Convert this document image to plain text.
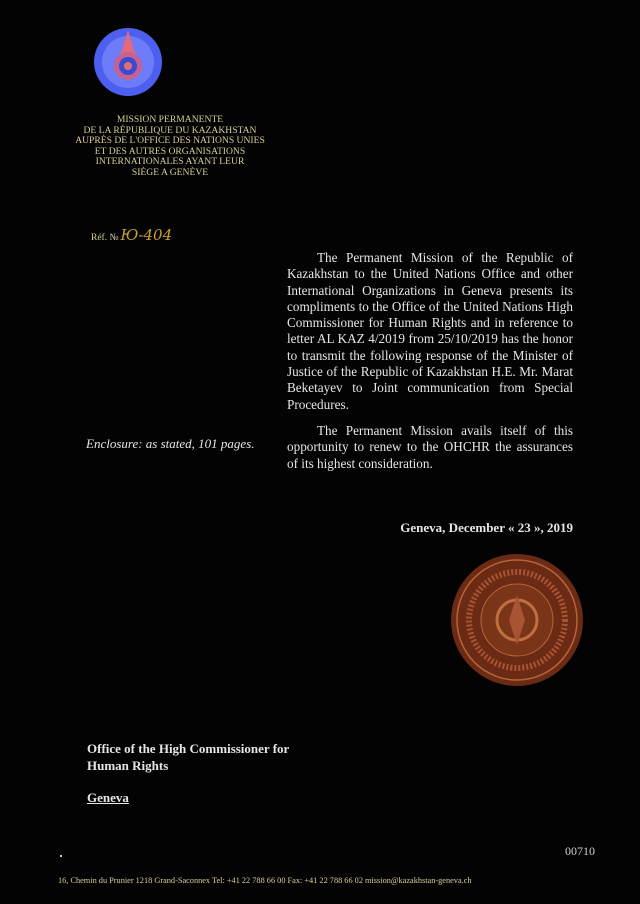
MISSION PERMANENTE
DE LA RÉPUBLIQUE DU KAZAKHSTAN
AUPRÈS DE L'OFFICE DES NATIONS UNIES
ET DES AUTRES ORGANISATIONS
INTERNATIONALES AYANT LEUR
SIÈGE A GENÈVE
Réf. № Ю-404

The Permanent Mission of the Republic of Kazakhstan to the United Nations Office and other International Organizations in Geneva presents its compliments to the Office of the United Nations High Commissioner for Human Rights and in reference to letter AL KAZ 4/2019 from 25/10/2019 has the honor to transmit the following response of the Minister of Justice of the Republic of Kazakhstan H.E. Mr. Marat Beketayev to Joint communication from Special Procedures.

The Permanent Mission avails itself of this opportunity to renew to the OHCHR the assurances of its highest consideration.

Enclosure: as stated, 101 pages.
Geneva, December « 23 », 2019
Office of the High Commissioner for
Human Rights
Geneva
00710
16, Chemin du Prunier 1218 Grand-Saconnex Tel: +41 22 788 66 00 Fax: +41 22 788 66 02 mission@kazakhstan-geneva.ch
